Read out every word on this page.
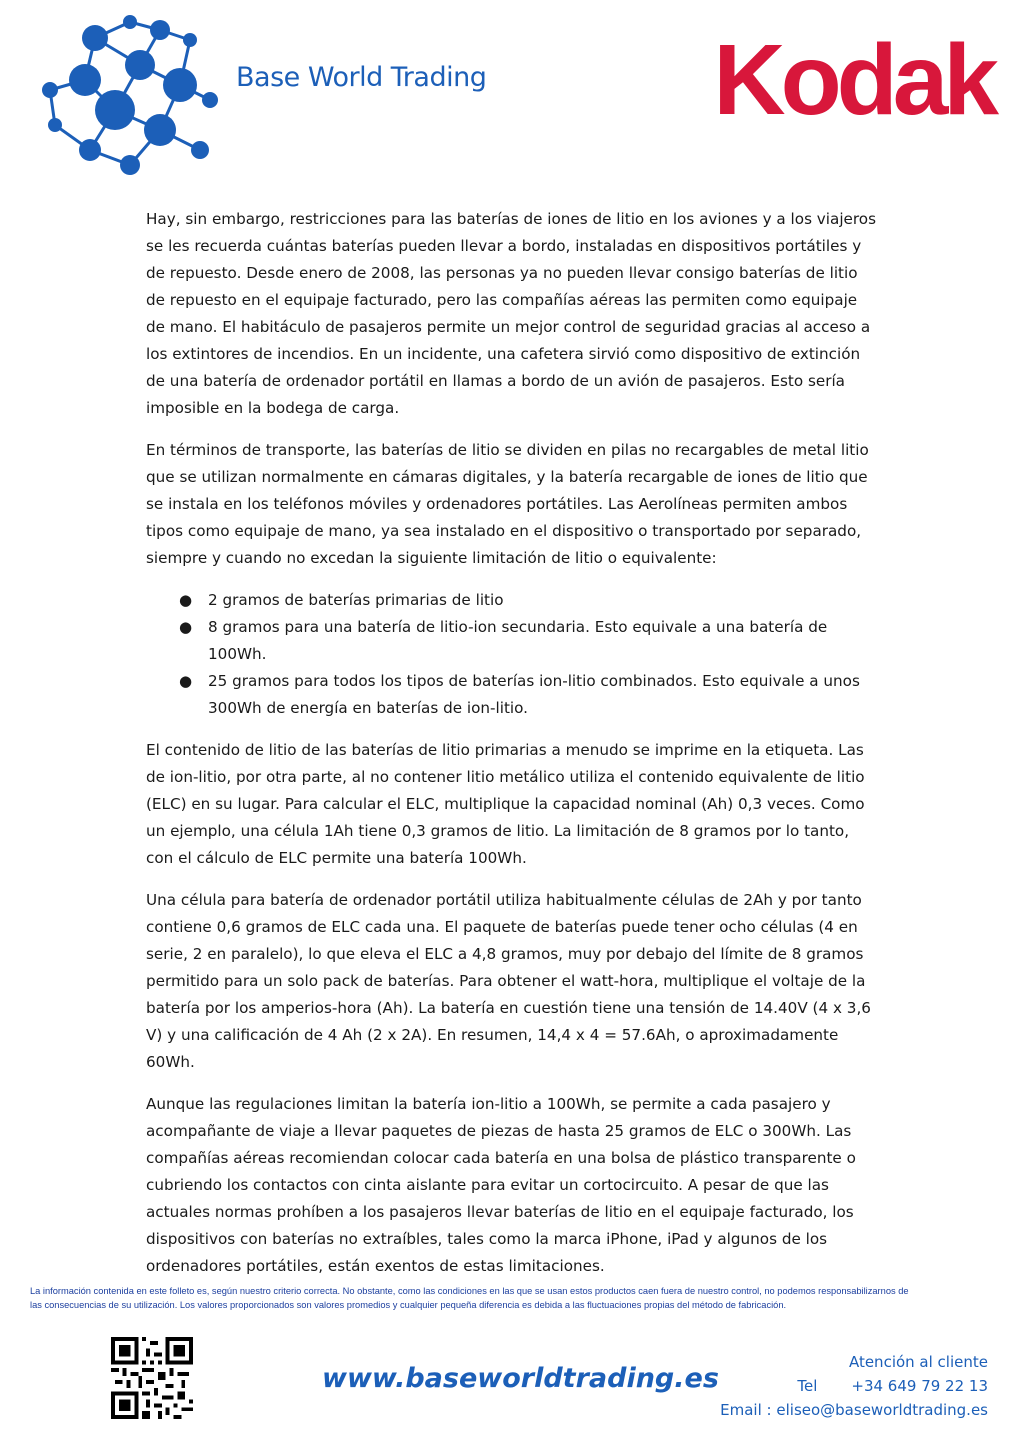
Base World Trading Kodak

Hay, sin embargo, restricciones para las baterías de iones de litio en los aviones y a los viajeros se les recuerda cuántas baterías pueden llevar a bordo, instaladas en dispositivos portátiles y de repuesto. Desde enero de 2008, las personas ya no pueden llevar consigo baterías de litio de repuesto en el equipaje facturado, pero las compañías aéreas las permiten como equipaje de mano. El habitáculo de pasajeros permite un mejor control de seguridad gracias al acceso a los extintores de incendios. En un incidente, una cafetera sirvió como dispositivo de extinción de una batería de ordenador portátil en llamas a bordo de un avión de pasajeros. Esto sería imposible en la bodega de carga.

En términos de transporte, las baterías de litio se dividen en pilas no recargables de metal litio que se utilizan normalmente en cámaras digitales, y la batería recargable de iones de litio que se instala en los teléfonos móviles y ordenadores portátiles. Las Aerolíneas permiten ambos tipos como equipaje de mano, ya sea instalado en el dispositivo o transportado por separado, siempre y cuando no excedan la siguiente limitación de litio o equivalente:

● 2 gramos de baterías primarias de litio
● 8 gramos para una batería de litio-ion secundaria. Esto equivale a una batería de 100Wh.
● 25 gramos para todos los tipos de baterías ion-litio combinados. Esto equivale a unos 300Wh de energía en baterías de ion-litio.

El contenido de litio de las baterías de litio primarias a menudo se imprime en la etiqueta. Las de ion-litio, por otra parte, al no contener litio metálico utiliza el contenido equivalente de litio (ELC) en su lugar. Para calcular el ELC, multiplique la capacidad nominal (Ah) 0,3 veces. Como un ejemplo, una célula 1Ah tiene 0,3 gramos de litio. La limitación de 8 gramos por lo tanto, con el cálculo de ELC permite una batería 100Wh.

Una célula para batería de ordenador portátil utiliza habitualmente células de 2Ah y por tanto contiene 0,6 gramos de ELC cada una. El paquete de baterías puede tener ocho células (4 en serie, 2 en paralelo), lo que eleva el ELC a 4,8 gramos, muy por debajo del límite de 8 gramos permitido para un solo pack de baterías. Para obtener el watt-hora, multiplique el voltaje de la batería por los amperios-hora (Ah). La batería en cuestión tiene una tensión de 14.40V (4 x 3,6 V) y una calificación de 4 Ah (2 x 2A). En resumen, 14,4 x 4 = 57.6Ah, o aproximadamente 60Wh.

Aunque las regulaciones limitan la batería ion-litio a 100Wh, se permite a cada pasajero y acompañante de viaje a llevar paquetes de piezas de hasta 25 gramos de ELC o 300Wh. Las compañías aéreas recomiendan colocar cada batería en una bolsa de plástico transparente o cubriendo los contactos con cinta aislante para evitar un cortocircuito. A pesar de que las actuales normas prohíben a los pasajeros llevar baterías de litio en el equipaje facturado, los dispositivos con baterías no extraíbles, tales como la marca iPhone, iPad y algunos de los ordenadores portátiles, están exentos de estas limitaciones.

La información contenida en este folleto es, según nuestro criterio correcta. No obstante, como las condiciones en las que se usan estos productos caen fuera de nuestro control, no podemos responsabilizarnos de
las consecuencias de su utilización. Los valores proporcionados son valores promedios y cualquier pequeña diferencia es debida a las fluctuaciones propias del método de fabricación.
www.baseworldtrading.es
Atención al cliente
Tel +34 649 79 22 13
Email : eliseo@baseworldtrading.es
